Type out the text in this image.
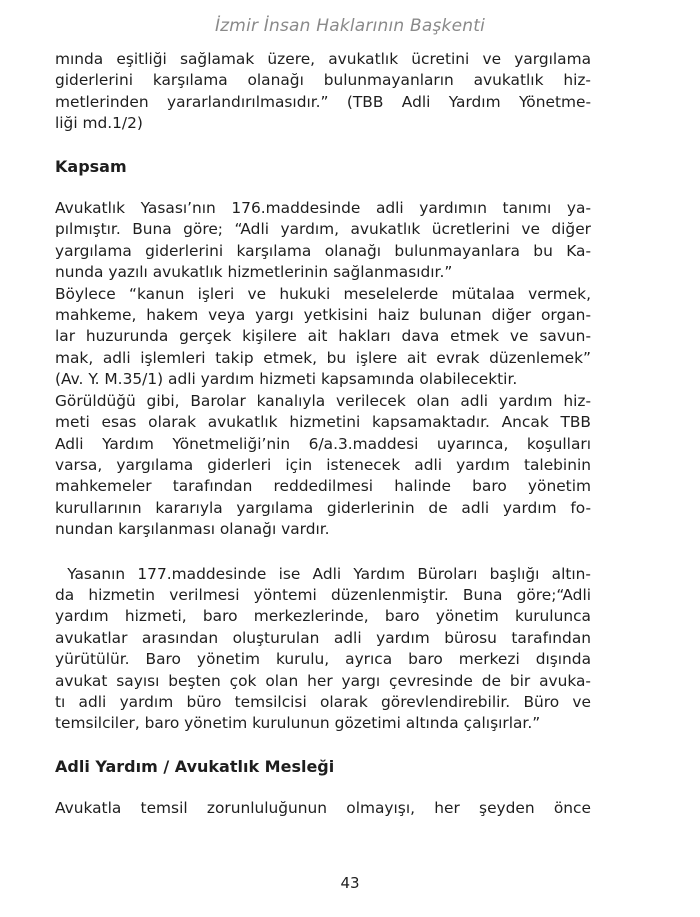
İzmir İnsan Haklarının Başkenti

mında eşitliği sağlamak üzere, avukatlık ücretini ve yargılama
giderlerini karşılama olanağı bulunmayanların avukatlık hiz-
metlerinden yararlandırılmasıdır.” (TBB Adli Yardım Yönetme-
liği md.1/2)

Kapsam

Avukatlık Yasası’nın 176.maddesinde adli yardımın tanımı ya-
pılmıştır. Buna göre; “Adli yardım, avukatlık ücretlerini ve diğer
yargılama giderlerini karşılama olanağı bulunmayanlara bu Ka-
nunda yazılı avukatlık hizmetlerinin sağlanmasıdır.”

Böylece “kanun işleri ve hukuki meselelerde mütalaa vermek,
mahkeme, hakem veya yargı yetkisini haiz bulunan diğer organ-
lar huzurunda gerçek kişilere ait hakları dava etmek ve savun-
mak, adli işlemleri takip etmek, bu işlere ait evrak düzenlemek”
(Av. Y. M.35/1) adli yardım hizmeti kapsamında olabilecektir.

Görüldüğü gibi, Barolar kanalıyla verilecek olan adli yardım hiz-
meti esas olarak avukatlık hizmetini kapsamaktadır. Ancak TBB
Adli Yardım Yönetmeliği’nin 6/a.3.maddesi uyarınca, koşulları
varsa, yargılama giderleri için istenecek adli yardım talebinin
mahkemeler tarafından reddedilmesi halinde baro yönetim
kurullarının kararıyla yargılama giderlerinin de adli yardım fo-
nundan karşılanması olanağı vardır.

Yasanın 177.maddesinde ise Adli Yardım Büroları başlığı altın-
da hizmetin verilmesi yöntemi düzenlenmiştir. Buna göre;“Adli
yardım hizmeti, baro merkezlerinde, baro yönetim kurulunca
avukatlar arasından oluşturulan adli yardım bürosu tarafından
yürütülür. Baro yönetim kurulu, ayrıca baro merkezi dışında
avukat sayısı beşten çok olan her yargı çevresinde de bir avuka-
tı adli yardım büro temsilcisi olarak görevlendirebilir. Büro ve
temsilciler, baro yönetim kurulunun gözetimi altında çalışırlar.”

Adli Yardım / Avukatlık Mesleği

Avukatla temsil zorunluluğunun olmayışı, her şeyden önce

43
